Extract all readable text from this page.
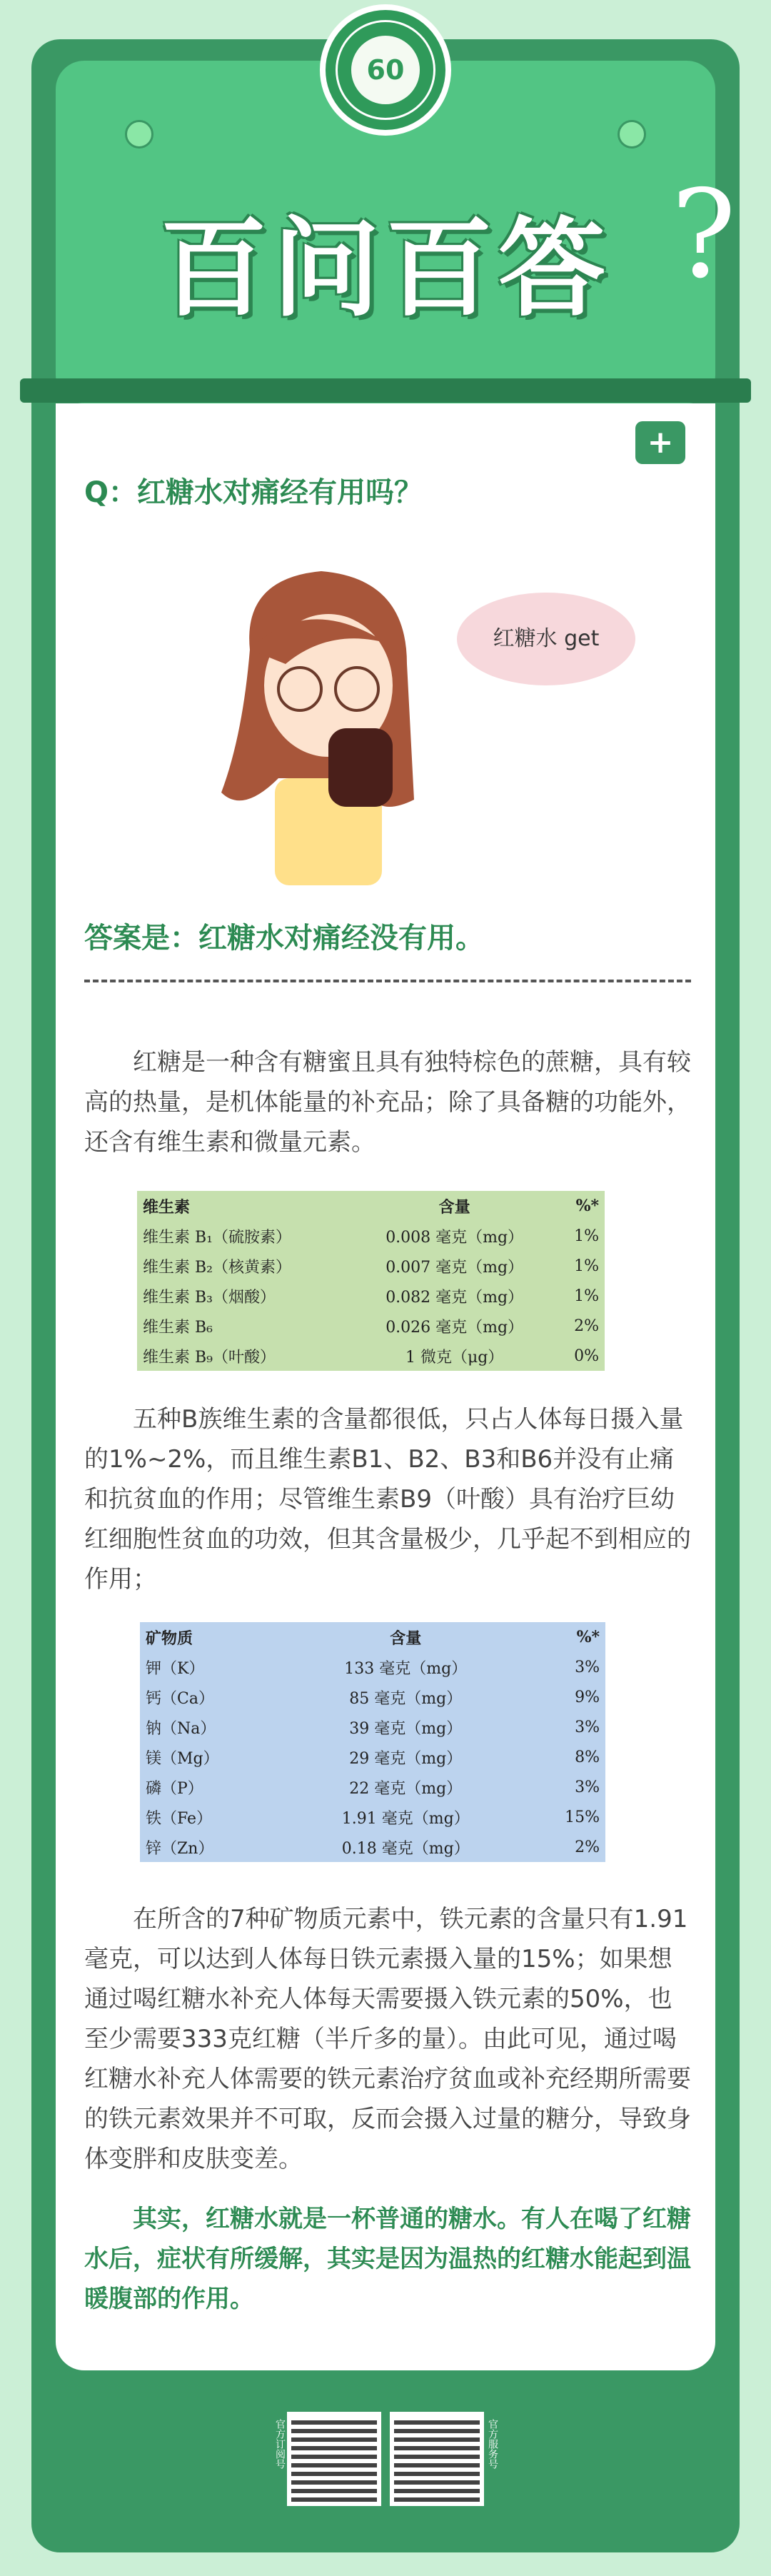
60
百问百答 ?
+
Q：红糖水对痛经有用吗？
红糖水 get
答案是：红糖水对痛经没有用。
红糖是一种含有糖蜜且具有独特棕色的蔗糖，具有较高的热量，是机体能量的补充品；除了具备糖的功能外，还含有维生素和微量元素。
维生素	含量	%*
维生素 B₁（硫胺素）	0.008 毫克（mg）	1%
维生素 B₂（核黄素）	0.007 毫克（mg）	1%
维生素 B₃（烟酸）	0.082 毫克（mg）	1%
维生素 B₆	0.026 毫克（mg）	2%
维生素 B₉（叶酸）	1 微克（μg）	0%
五种B族维生素的含量都很低，只占人体每日摄入量的1%~2%，而且维生素B1、B2、B3和B6并没有止痛和抗贫血的作用；尽管维生素B9（叶酸）具有治疗巨幼红细胞性贫血的功效，但其含量极少，几乎起不到相应的作用；
矿物质	含量	%*
钾（K）	133 毫克（mg）	3%
钙（Ca）	85 毫克（mg）	9%
钠（Na）	39 毫克（mg）	3%
镁（Mg）	29 毫克（mg）	8%
磷（P）	22 毫克（mg）	3%
铁（Fe）	1.91 毫克（mg）	15%
锌（Zn）	0.18 毫克（mg）	2%
在所含的7种矿物质元素中，铁元素的含量只有1.91毫克，可以达到人体每日铁元素摄入量的15%；如果想通过喝红糖水补充人体每天需要摄入铁元素的50%，也至少需要333克红糖（半斤多的量）。由此可见，通过喝红糖水补充人体需要的铁元素治疗贫血或补充经期所需要的铁元素效果并不可取，反而会摄入过量的糖分，导致身体变胖和皮肤变差。
其实，红糖水就是一杯普通的糖水。有人在喝了红糖水后，症状有所缓解，其实是因为温热的红糖水能起到温暖腹部的作用。
官方订阅号	官方服务号
